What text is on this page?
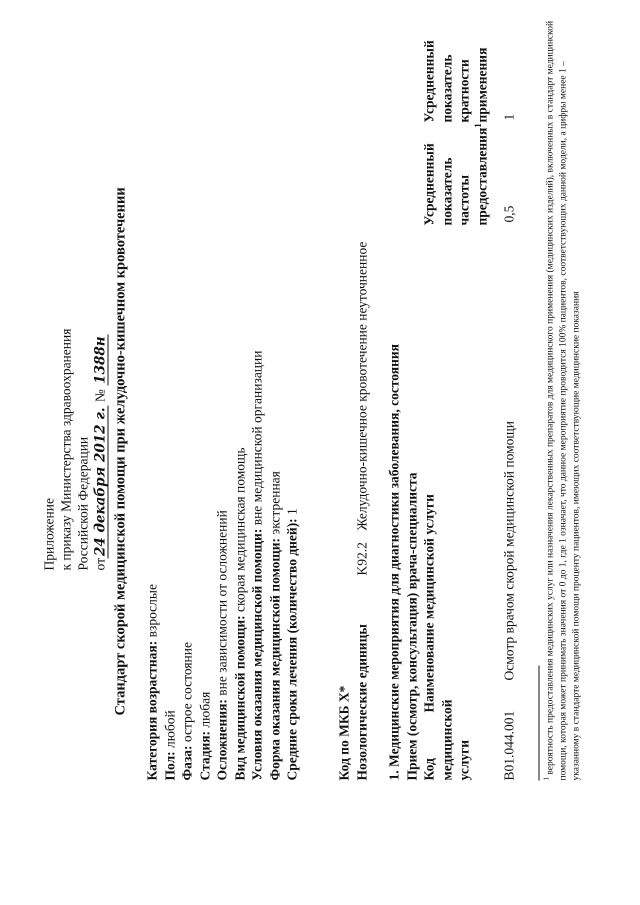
Приложение к приказу Министерства здравоохранения Российской Федерации от24 декабря 2012 г. № 1388н Стандарт скорой медицинской помощи при желудочно-кишечном кровотечении Категория возрастная: взрослые
Пол: любой
Фаза: острое состояние
Стадия: любая Осложнения: вне зависимости от осложнений
Вид медицинской помощи: скорая медицинская помощь Условия оказания медицинской помощи: вне медицинской организации
Форма оказания медицинской помощи: экстренная
Средние сроки лечения (количество дней): 1
Код по МКБ X* Нозологические единицы
K92.2
Желудочно-кишечное кровотечение неуточненное 1. Медицинские мероприятия для диагностики заболевания, состояния Прием (осмотр, консультация) врача-специалиста Код медицинской услуги
Наименование медицинской услуги
Усредненный показатель частоты предоставления$^1$
Усредненный показатель кратности применения
B01.044.001
Осмотр врачом скорой медицинской помощи
0,5
1
$^1$ вероятность предоставления медицинских услуг или назначения лекарственных препаратов для медицинского применения (медицинских изделий), включенных в стандарт медицинской помощи, которая может принимать значения от 0 до 1, где 1 означает, что данное мероприятие проводится 100% пациентов, соответствующих данной модели, а цифры менее 1 – указанному в стандарте медицинской помощи проценту пациентов, имеющих соответствующие медицинские показания
